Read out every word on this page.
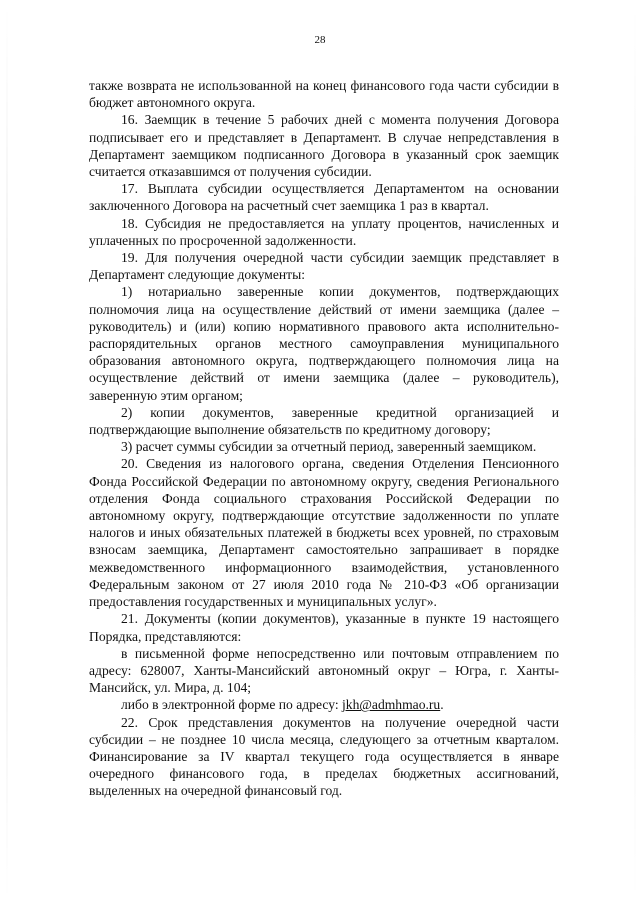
28

также возврата не использованной на конец финансового года части субсидии в бюджет автономного округа.

16. Заемщик в течение 5 рабочих дней с момента получения Договора подписывает его и представляет в Департамент. В случае непредставления в Департамент заемщиком подписанного Договора в указанный срок заемщик считается отказавшимся от получения субсидии.

17. Выплата субсидии осуществляется Департаментом на основании заключенного Договора на расчетный счет заемщика 1 раз в квартал.

18. Субсидия не предоставляется на уплату процентов, начисленных и уплаченных по просроченной задолженности.

19. Для получения очередной части субсидии заемщик представляет в Департамент следующие документы:

1) нотариально заверенные копии документов, подтверждающих полномочия лица на осуществление действий от имени заемщика (далее – руководитель) и (или) копию нормативного правового акта исполнительно-распорядительных органов местного самоуправления муниципального образования автономного округа, подтверждающего полномочия лица на осуществление действий от имени заемщика (далее – руководитель), заверенную этим органом;

2) копии документов, заверенные кредитной организацией и подтверждающие выполнение обязательств по кредитному договору;

3) расчет суммы субсидии за отчетный период, заверенный заемщиком.

20. Сведения из налогового органа, сведения Отделения Пенсионного Фонда Российской Федерации по автономному округу, сведения Регионального отделения Фонда социального страхования Российской Федерации по автономному округу, подтверждающие отсутствие задолженности по уплате налогов и иных обязательных платежей в бюджеты всех уровней, по страховым взносам заемщика, Департамент самостоятельно запрашивает в порядке межведомственного информационного взаимодействия, установленного Федеральным законом от 27 июля 2010 года № 210-ФЗ «Об организации предоставления государственных и муниципальных услуг».

21. Документы (копии документов), указанные в пункте 19 настоящего Порядка, представляются:

в письменной форме непосредственно или почтовым отправлением по адресу: 628007, Ханты-Мансийский автономный округ – Югра, г. Ханты-Мансийск, ул. Мира, д. 104;

либо в электронной форме по адресу: jkh@admhmao.ru.

22. Срок представления документов на получение очередной части субсидии – не позднее 10 числа месяца, следующего за отчетным кварталом. Финансирование за IV квартал текущего года осуществляется в январе очередного финансового года, в пределах бюджетных ассигнований, выделенных на очередной финансовый год.
